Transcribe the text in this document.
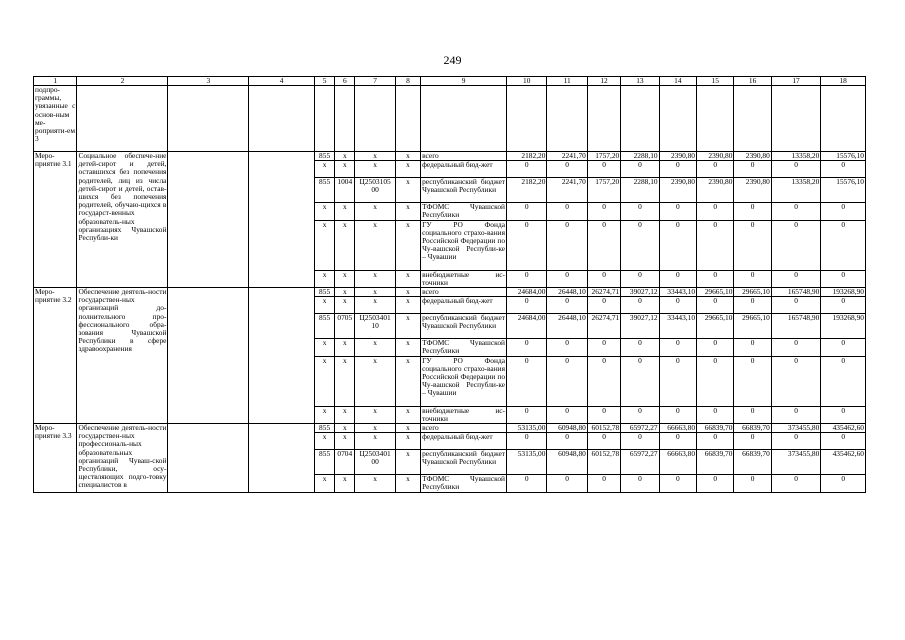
249
1	2	3	4	5	6	7	8	9	10	11	12	13	14	15	16	17	18
подпро-граммы, увязанные с основ-ным ме-роприяти-ем 3																	
Меро-приятие 3.1	Социальное обеспече-ние детей-сирот и детей, оставшихся без попечения родителей, лиц из числа детей-сирот и детей, остав-шихся без попечения родителей, обучаю-щихся в государст-венных образователь-ных организациях Чувашской Республи-ки			855	x	x	x	всего	2182,20	2241,70	1757,20	2288,10	2390,80	2390,80	2390,80	13358,20	15576,10
				x	x	x	x	федеральный бюд-жет	0	0	0	0	0	0	0	0	0
				855	1004	Ц2503105 00	x	республиканский бюджет Чувашской Республики	2182,20	2241,70	1757,20	2288,10	2390,80	2390,80	2390,80	13358,20	15576,10
				x	x	x	x	ТФОМС Чувашской Республики	0	0	0	0	0	0	0	0	0
				x	x	x	x	ГУ РО Фонда социального страхо-вания Российской Федерации по Чу-вашской Республи-ке – Чувашии	0	0	0	0	0	0	0	0	0
				x	x	x	x	внебюджетные ис-точники	0	0	0	0	0	0	0	0	0
Меро-приятие 3.2	Обеспечение деятель-ности государствен-ных организаций до-полнительного про-фессионального обра-зования Чувашской Республики в сфере здравоохранения			855	x	x	x	всего	24684,00	26448,10	26274,71	39027,12	33443,10	29665,10	29665,10	165748,90	193268,90
				x	x	x	x	федеральный бюд-жет	0	0	0	0	0	0	0	0	0
				855	0705	Ц2503401 10	x	республиканский бюджет Чувашской Республики	24684,00	26448,10	26274,71	39027,12	33443,10	29665,10	29665,10	165748,90	193268,90
				x	x	x	x	ТФОМС Чувашской Республики	0	0	0	0	0	0	0	0	0
				x	x	x	x	ГУ РО Фонда социального страхо-вания Российской Федерации по Чу-вашской Республи-ке – Чувашии	0	0	0	0	0	0	0	0	0
				x	x	x	x	внебюджетные ис-точники	0	0	0	0	0	0	0	0	0
Меро-приятие 3.3	Обеспечение деятель-ности государствен-ных профессиональ-ных образовательных организаций Чуваш-ской Республики, осу-ществляющих подго-товку специалистов в			855	x	x	x	всего	53135,00	60948,80	60152,78	65972,27	66663,80	66839,70	66839,70	373455,80	435462,60
				x	x	x	x	федеральный бюд-жет	0	0	0	0	0	0	0	0	0
				855	0704	Ц2503401 00	x	республиканский бюджет Чувашской Республики	53135,00	60948,80	60152,78	65972,27	66663,80	66839,70	66839,70	373455,80	435462,60
				x	x	x	x	ТФОМС Чувашской Республики	0	0	0	0	0	0	0	0	0
